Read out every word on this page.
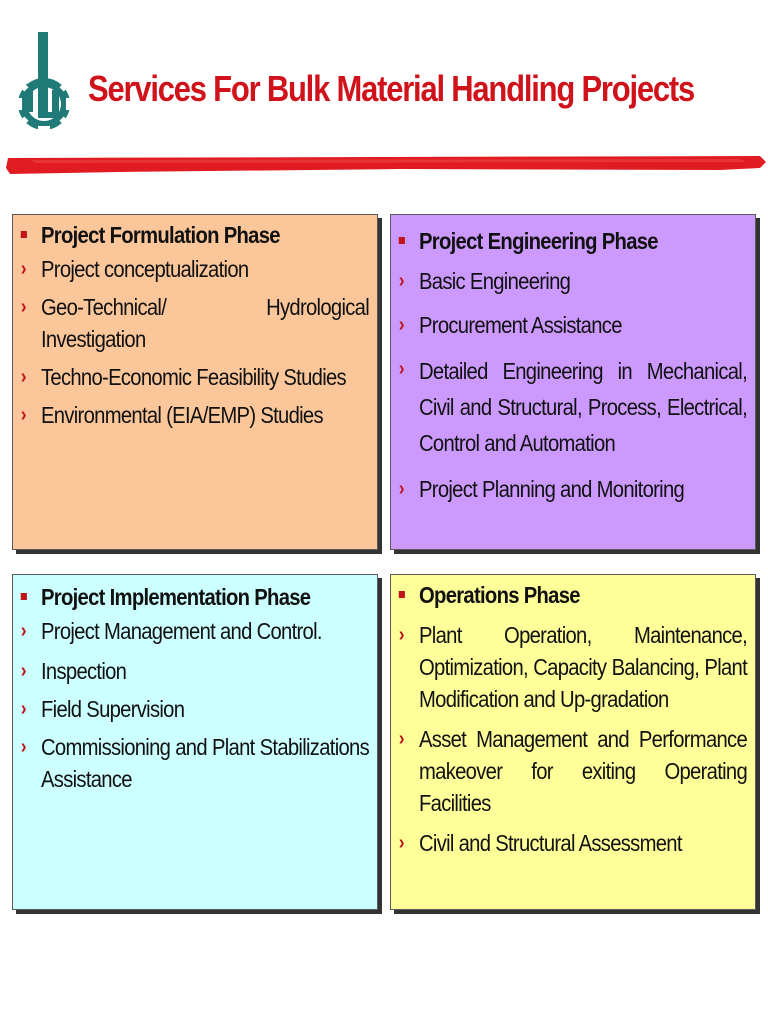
Services For Bulk Material Handling Projects
Project Formulation Phase
› Project conceptualization
› Geo-Technical/ Hydrological Investigation
› Techno-Economic Feasibility Studies
› Environmental (EIA/EMP) Studies
Project Engineering Phase
› Basic Engineering
› Procurement Assistance
› Detailed Engineering in Mechanical, Civil and Structural, Process, Electrical, Control and Automation
› Project Planning and Monitoring
Project Implementation Phase
› Project Management and Control.
› Inspection
› Field Supervision
› Commissioning and Plant Stabilizations Assistance
Operations Phase
› Plant Operation, Maintenance, Optimization, Capacity Balancing, Plant Modification and Up-gradation
› Asset Management and Performance makeover for exiting Operating Facilities
› Civil and Structural Assessment
